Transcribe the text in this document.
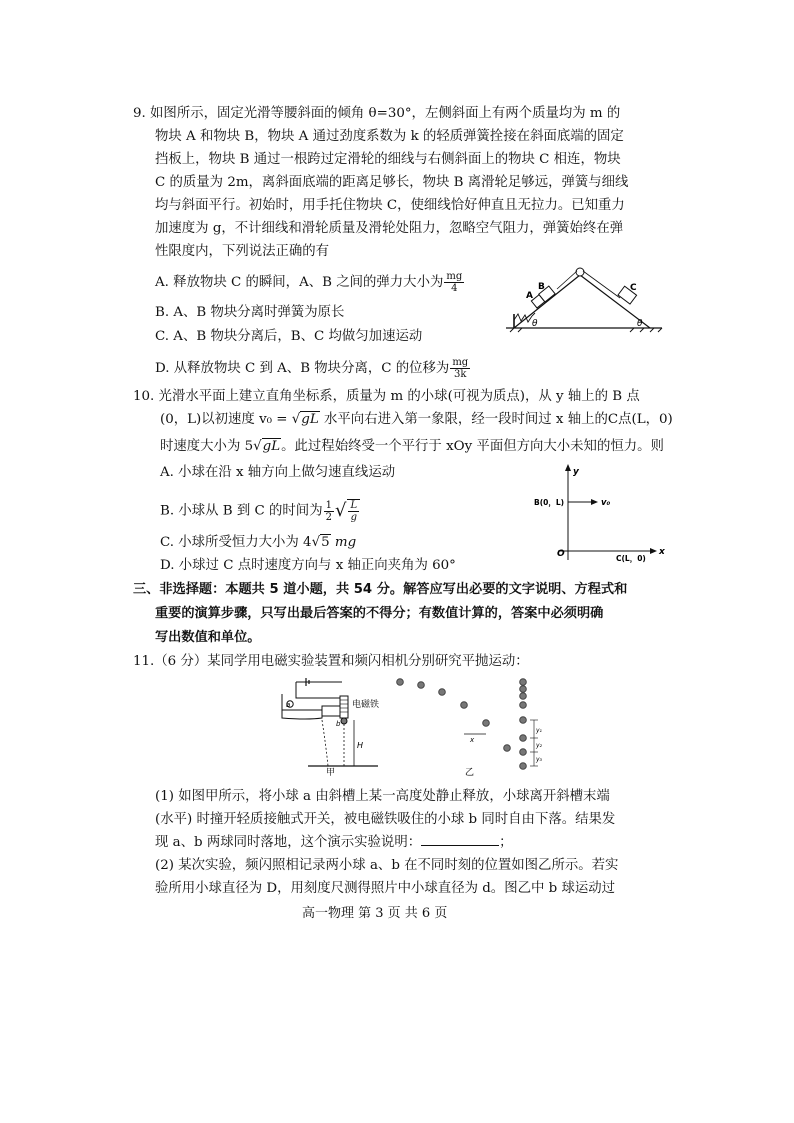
9. 如图所示，固定光滑等腰斜面的倾角 θ=30°，左侧斜面上有两个质量均为 m 的
物块 A 和物块 B，物块 A 通过劲度系数为 k 的轻质弹簧拴接在斜面底端的固定
挡板上，物块 B 通过一根跨过定滑轮的细线与右侧斜面上的物块 C 相连，物块
C 的质量为 2m，离斜面底端的距离足够长，物块 B 离滑轮足够远，弹簧与细线
均与斜面平行。初始时，用手托住物块 C，使细线恰好伸直且无拉力。已知重力
加速度为 g，不计细线和滑轮质量及滑轮处阻力，忽略空气阻力，弹簧始终在弹
性限度内，下列说法正确的有
A. 释放物块 C 的瞬间，A、B 之间的弹力大小为 $\frac{mg}{4}$
B. A、B 物块分离时弹簧为原长
C. A、B 物块分离后，B、C 均做匀加速运动
D. 从释放物块 C 到 A、B 物块分离，C 的位移为 $\frac{mg}{3k}$
A
B	C
θ	θ
10. 光滑水平面上建立直角坐标系，质量为 m 的小球(可视为质点)，从 y 轴上的 B 点
(0，L)以初速度 v₀ = √gL 水平向右进入第一象限，经一段时间过 x 轴上的C点(L，0)
时速度大小为 5√gL。此过程始终受一个平行于 xOy 平面但方向大小未知的恒力。则
A. 小球在沿 x 轴方向上做匀速直线运动
B. 小球从 B 到 C 的时间为 $\frac{1}{2}$ √ $\frac{L}{g}$
C. 小球所受恒力大小为 4√5 mg
D. 小球过 C 点时速度方向与 x 轴正向夹角为 60°
y
x
O
B(0，L)	v₀
C(L，0)
三、非选择题：本题共 5 道小题，共 54 分。解答应写出必要的文字说明、方程式和
重要的演算步骤，只写出最后答案的不得分；有数值计算的，答案中必须明确
写出数值和单位。
11.（6 分）某同学用电磁实验装置和频闪相机分别研究平抛运动：
a	电磁铁
b
H
甲
x
y₁
y₂
y₃
乙
(1) 如图甲所示，将小球 a 由斜槽上某一高度处静止释放，小球离开斜槽末端
(水平) 时撞开轻质接触式开关，被电磁铁吸住的小球 b 同时自由下落。结果发
现 a、b 两球同时落地，这个演示实验说明：	；
(2) 某次实验，频闪照相记录两小球 a、b 在不同时刻的位置如图乙所示。若实
验所用小球直径为 D，用刻度尺测得照片中小球直径为 d。图乙中 b 球运动过
高一物理 第 3 页 共 6 页
